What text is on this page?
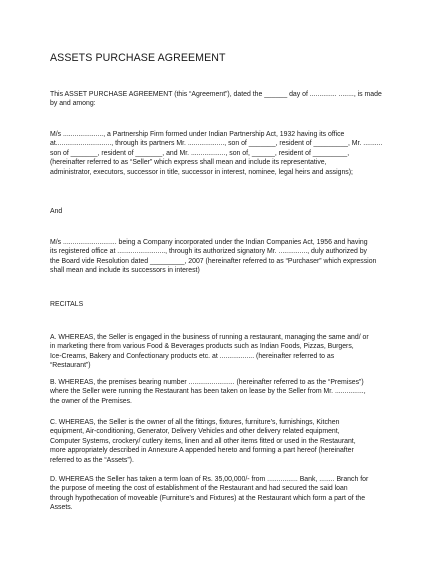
ASSETS PURCHASE AGREEMENT
This ASSET PURCHASE AGREEMENT (this “Agreement”), dated the ______ day of .............. ........, is made
by and among:
M/s ....................., a Partnership Firm formed under Indian Partnership Act, 1932 having its office
at............................., through its partners Mr. ..................., son of _______, resident of _________, Mr. ..........
son of _______, resident of _______, and Mr. .................., son of, ______, resident of _________,
(hereinafter referred to as “Seller” which express shall mean and include its representative,
administrator, executors, successor in title, successor in interest, nominee, legal heirs and assigns);
And
M/s ............................ being a Company incorporated under the Indian Companies Act, 1956 and having
its registered office at ........................., through its authorized signatory Mr. ..............., duly authorized by
the Board vide Resolution dated _________, 2007 (hereinafter referred to as “Purchaser” which expression
shall mean and include its successors in interest)
RECITALS
A. WHEREAS, the Seller is engaged in the business of running a restaurant, managing the same and/ or
in marketing there from various Food & Beverages products such as Indian Foods, Pizzas, Burgers,
Ice-Creams, Bakery and Confectionary products etc. at .................. (hereinafter referred to as
“Restaurant”)
B. WHEREAS, the premises bearing number ........................ (hereinafter referred to as the “Premises”)
where the Seller were running the Restaurant has been taken on lease by the Seller from Mr. ...............,
the owner of the Premises.
C. WHEREAS, the Seller is the owner of all the fittings, fixtures, furniture’s, furnishings, Kitchen
equipment, Air-conditioning, Generator, Delivery Vehicles and other delivery related equipment,
Computer Systems, crockery/ cutlery items, linen and all other items fitted or used in the Restaurant,
more appropriately described in Annexure A appended hereto and forming a part hereof (hereinafter
referred to as the “Assets”).
D. WHEREAS the Seller has taken a term loan of Rs. 35,00,000/- from ................ Bank, ........ Branch for
the purpose of meeting the cost of establishment of the Restaurant and had secured the said loan
through hypothecation of moveable (Furniture’s and Fixtures) at the Restaurant which form a part of the
Assets.
